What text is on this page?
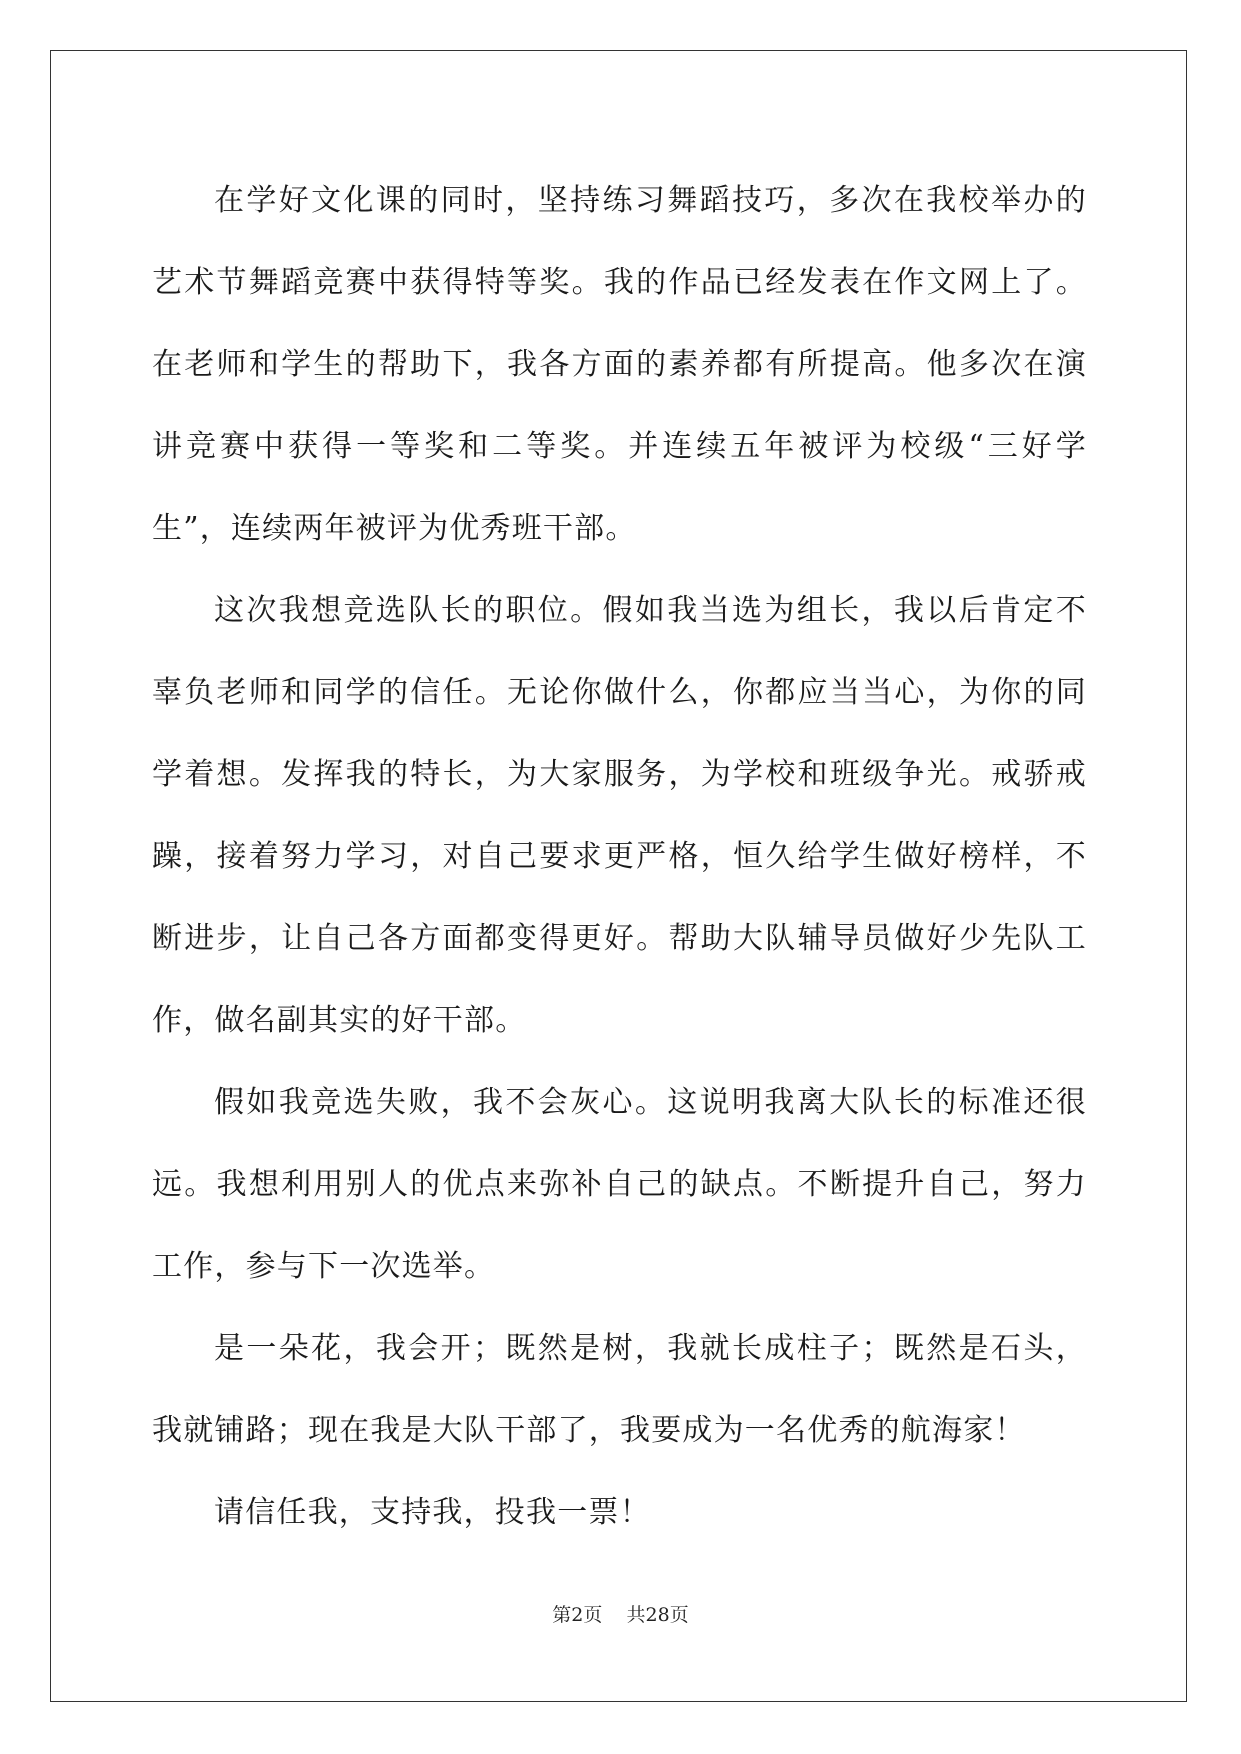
在学好文化课的同时，坚持练习舞蹈技巧，多次在我校举办的艺术节舞蹈竞赛中获得特等奖。我的作品已经发表在作文网上了。在老师和学生的帮助下，我各方面的素养都有所提高。他多次在演讲竞赛中获得一等奖和二等奖。并连续五年被评为校级“三好学生”，连续两年被评为优秀班干部。

这次我想竞选队长的职位。假如我当选为组长，我以后肯定不辜负老师和同学的信任。无论你做什么，你都应当当心，为你的同学着想。发挥我的特长，为大家服务，为学校和班级争光。戒骄戒躁，接着努力学习，对自己要求更严格，恒久给学生做好榜样，不断进步，让自己各方面都变得更好。帮助大队辅导员做好少先队工作，做名副其实的好干部。

假如我竞选失败，我不会灰心。这说明我离大队长的标准还很远。我想利用别人的优点来弥补自己的缺点。不断提升自己，努力工作，参与下一次选举。

是一朵花，我会开；既然是树，我就长成柱子；既然是石头，我就铺路；现在我是大队干部了，我要成为一名优秀的航海家！

请信任我，支持我，投我一票！

第2页 共28页
